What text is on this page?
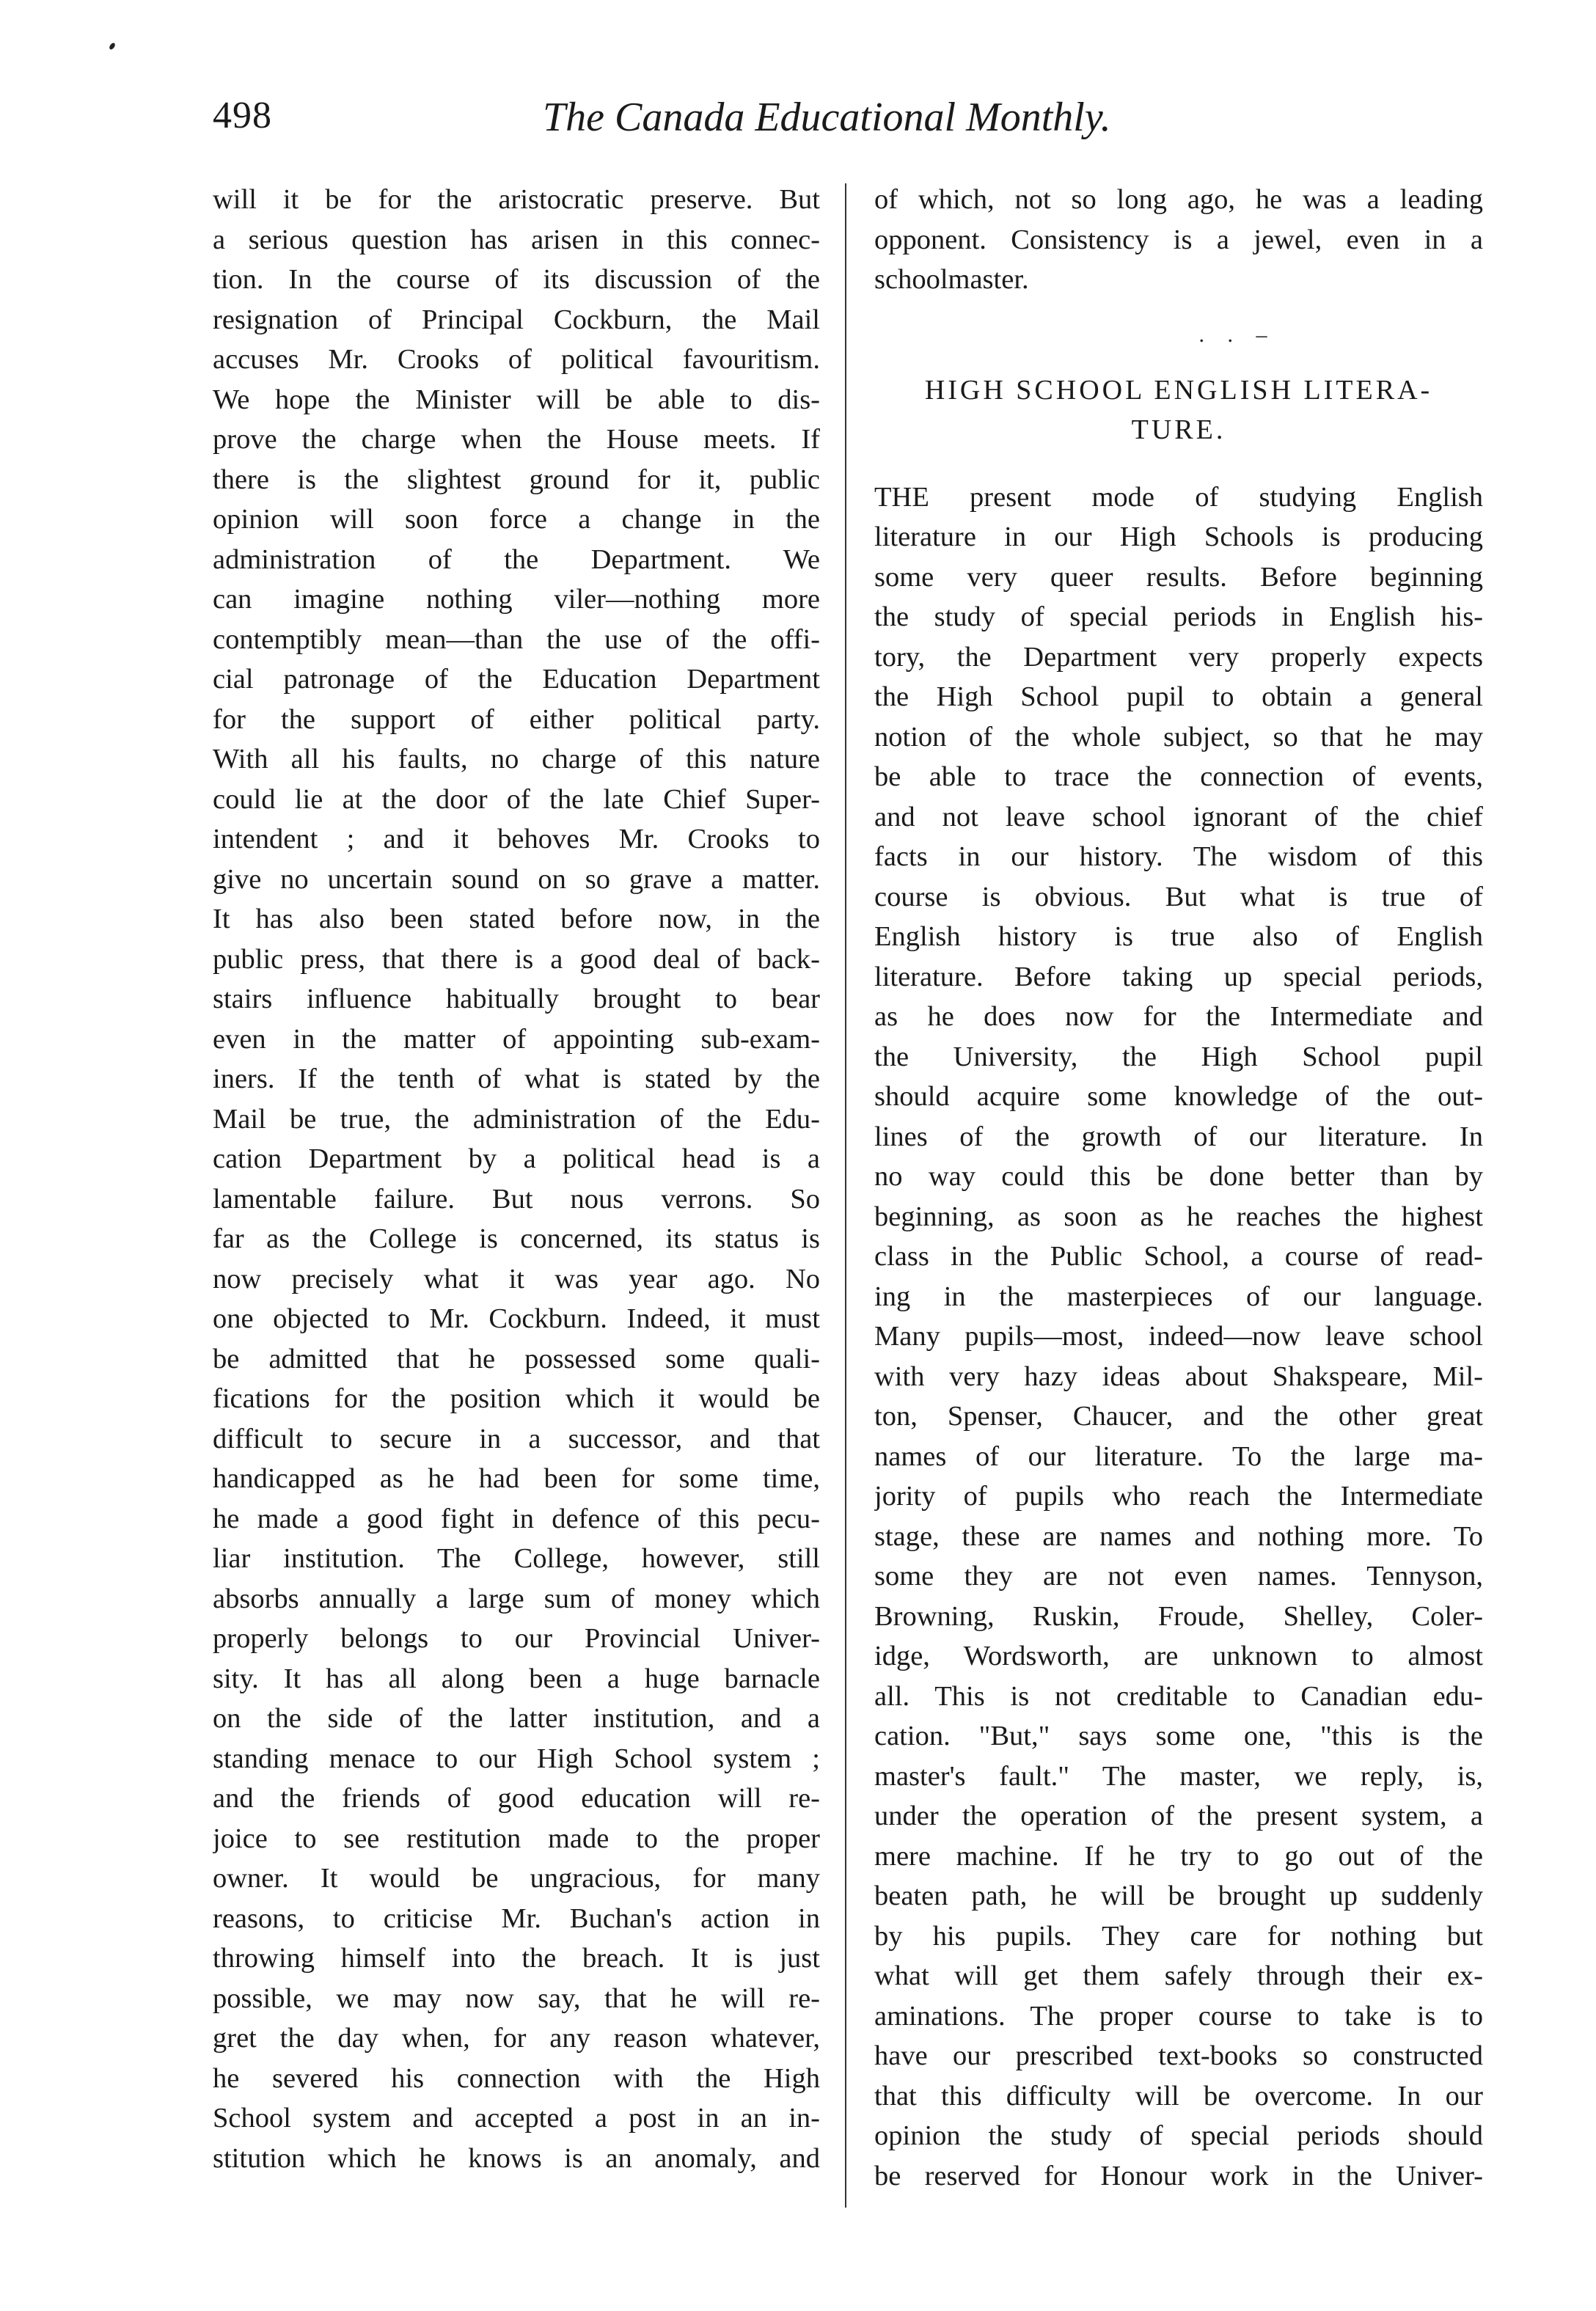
498	The Canada Educational Monthly.

will it be for the aristocratic preserve. But
a serious question has arisen in this connec-
tion. In the course of its discussion of the
resignation of Principal Cockburn, the Mail
accuses Mr. Crooks of political favouritism.
We hope the Minister will be able to dis-
prove the charge when the House meets. If
there is the slightest ground for it, public
opinion will soon force a change in the
administration of the Department. We
can imagine nothing viler—nothing more
contemptibly mean—than the use of the offi-
cial patronage of the Education Department
for the support of either political party.
With all his faults, no charge of this nature
could lie at the door of the late Chief Super-
intendent ; and it behoves Mr. Crooks to
give no uncertain sound on so grave a matter.
It has also been stated before now, in the
public press, that there is a good deal of back-
stairs influence habitually brought to bear
even in the matter of appointing sub-exam-
iners. If the tenth of what is stated by the
Mail be true, the administration of the Edu-
cation Department by a political head is a
lamentable failure. But nous verrons. So
far as the College is concerned, its status is
now precisely what it was year ago. No
one objected to Mr. Cockburn. Indeed, it must
be admitted that he possessed some quali-
fications for the position which it would be
difficult to secure in a successor, and that
handicapped as he had been for some time,
he made a good fight in defence of this pecu-
liar institution. The College, however, still
absorbs annually a large sum of money which
properly belongs to our Provincial Univer-
sity. It has all along been a huge barnacle
on the side of the latter institution, and a
standing menace to our High School system ;
and the friends of good education will re-
joice to see restitution made to the proper
owner. It would be ungracious, for many
reasons, to criticise Mr. Buchan's action in
throwing himself into the breach. It is just
possible, we may now say, that he will re-
gret the day when, for any reason whatever,
he severed his connection with the High
School system and accepted a post in an in-
stitution which he knows is an anomaly, and

of which, not so long ago, he was a leading
opponent. Consistency is a jewel, even in a
schoolmaster.

. . –
HIGH SCHOOL ENGLISH LITERA-
TURE.

THE present mode of studying English
literature in our High Schools is producing
some very queer results. Before beginning
the study of special periods in English his-
tory, the Department very properly expects
the High School pupil to obtain a general
notion of the whole subject, so that he may
be able to trace the connection of events,
and not leave school ignorant of the chief
facts in our history. The wisdom of this
course is obvious. But what is true of
English history is true also of English
literature. Before taking up special periods,
as he does now for the Intermediate and
the University, the High School pupil
should acquire some knowledge of the out-
lines of the growth of our literature. In
no way could this be done better than by
beginning, as soon as he reaches the highest
class in the Public School, a course of read-
ing in the masterpieces of our language.
Many pupils—most, indeed—now leave school
with very hazy ideas about Shakspeare, Mil-
ton, Spenser, Chaucer, and the other great
names of our literature. To the large ma-
jority of pupils who reach the Intermediate
stage, these are names and nothing more. To
some they are not even names. Tennyson,
Browning, Ruskin, Froude, Shelley, Coler-
idge, Wordsworth, are unknown to almost
all. This is not creditable to Canadian edu-
cation. "But," says some one, "this is the
master's fault." The master, we reply, is,
under the operation of the present system, a
mere machine. If he try to go out of the
beaten path, he will be brought up suddenly
by his pupils. They care for nothing but
what will get them safely through their ex-
aminations. The proper course to take is to
have our prescribed text-books so constructed
that this difficulty will be overcome. In our
opinion the study of special periods should
be reserved for Honour work in the Univer-
